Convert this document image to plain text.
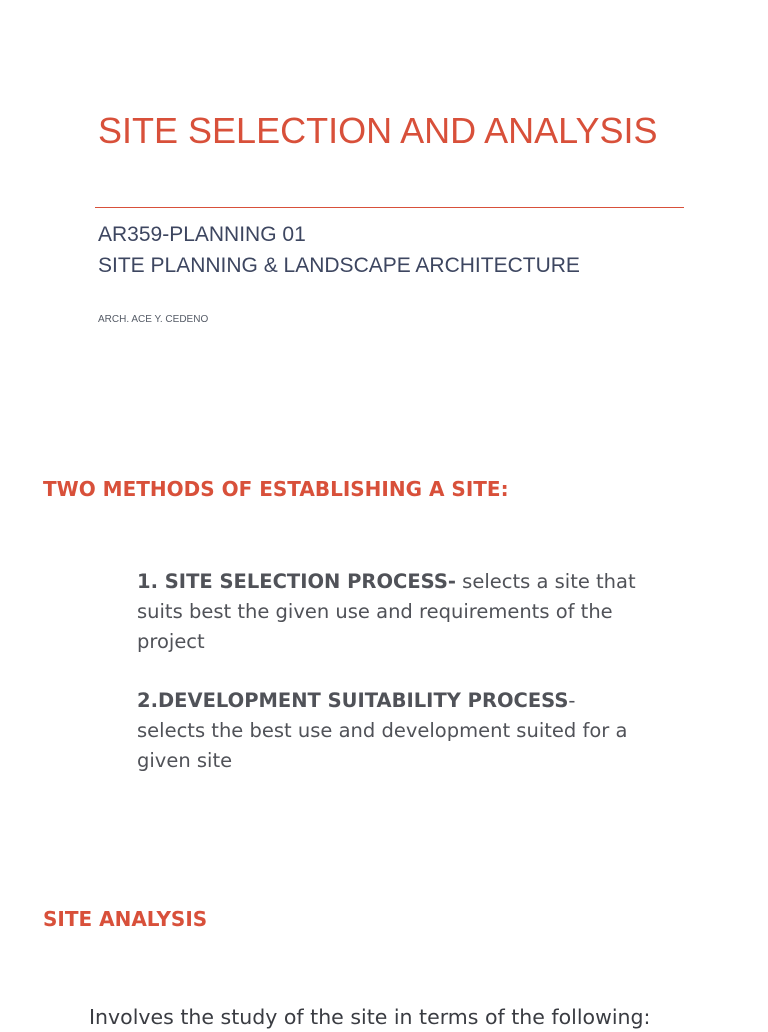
SITE SELECTION AND ANALYSIS
AR359-PLANNING 01
SITE PLANNING & LANDSCAPE ARCHITECTURE
ARCH. ACE Y. CEDENO
TWO METHODS OF ESTABLISHING A SITE:

1. SITE SELECTION PROCESS- selects a site that suits best the given use and requirements of the project

2.DEVELOPMENT SUITABILITY PROCESS- selects the best use and development suited for a given site

SITE ANALYSIS

Involves the study of the site in terms of the following:
